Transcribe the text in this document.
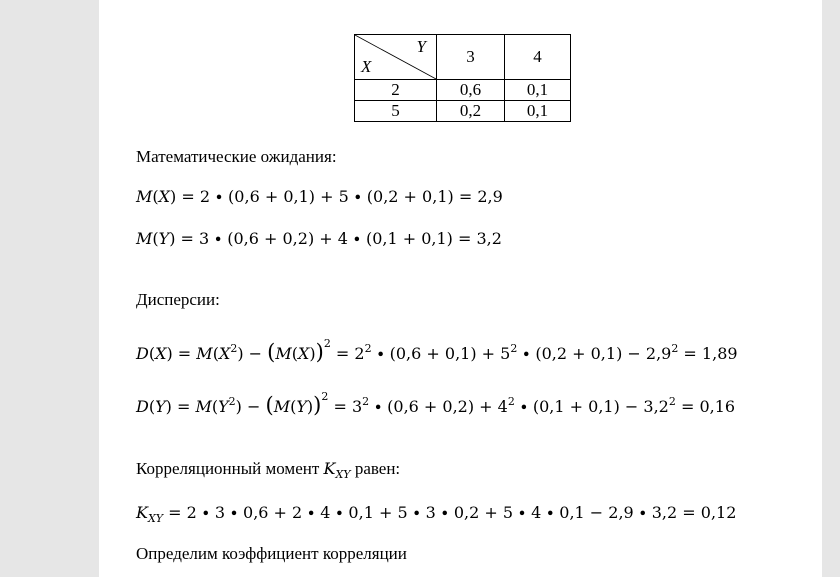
Y
X	3	4
2	0,6	0,1
5	0,2	0,1
Математические ожидания:
M(X) = 2 ∙ (0,6 + 0,1) + 5 ∙ (0,2 + 0,1) = 2,9
M(Y) = 3 ∙ (0,6 + 0,2) + 4 ∙ (0,1 + 0,1) = 3,2
Дисперсии:
$D(X) = M(X^2) - (M(X))^2 = 2^2 \cdot (0,6 + 0,1) + 5^2 \cdot (0,2 + 0,1) - 2,9^2 = 1,89$
$D(Y) = M(Y^2) - (M(Y))^2 = 3^2 \cdot (0,6 + 0,2) + 4^2 \cdot (0,1 + 0,1) - 3,2^2 = 0,16$
Корреляционный момент $K_{XY}$ равен:
$K_{XY} = 2 \cdot 3 \cdot 0,6 + 2 \cdot 4 \cdot 0,1 + 5 \cdot 3 \cdot 0,2 + 5 \cdot 4 \cdot 0,1 - 2,9 \cdot 3,2 = 0,12$
Определим коэффициент корреляции
